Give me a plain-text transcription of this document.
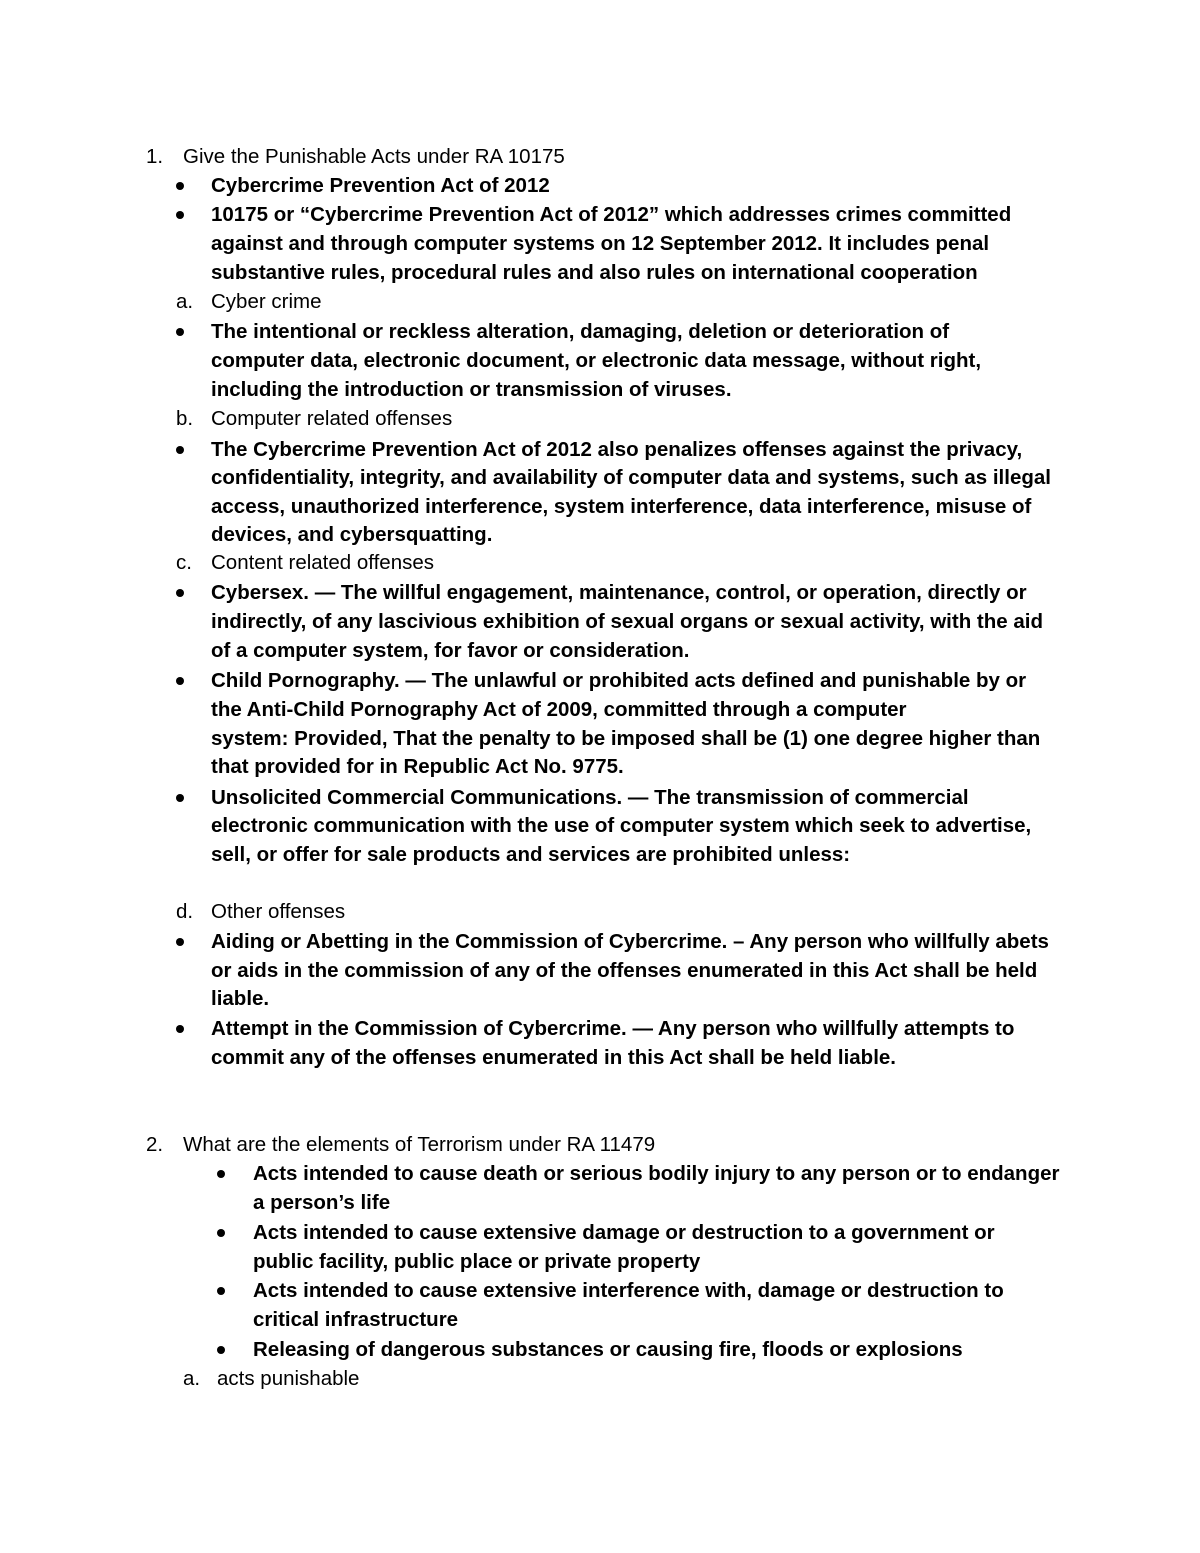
1. Give the Punishable Acts under RA 10175
Cybercrime Prevention Act of 2012
10175 or “Cybercrime Prevention Act of 2012” which addresses crimes committed
against and through computer systems on 12 September 2012. It includes penal
substantive rules, procedural rules and also rules on international cooperation
a. Cyber crime
The intentional or reckless alteration, damaging, deletion or deterioration of
computer data, electronic document, or electronic data message, without right,
including the introduction or transmission of viruses.
b. Computer related offenses
The Cybercrime Prevention Act of 2012 also penalizes offenses against the privacy,
confidentiality, integrity, and availability of computer data and systems, such as illegal
access, unauthorized interference, system interference, data interference, misuse of
devices, and cybersquatting.
c. Content related offenses
Cybersex. — The willful engagement, maintenance, control, or operation, directly or
indirectly, of any lascivious exhibition of sexual organs or sexual activity, with the aid
of a computer system, for favor or consideration.
Child Pornography. — The unlawful or prohibited acts defined and punishable by or
the Anti-Child Pornography Act of 2009, committed through a computer
system: Provided, That the penalty to be imposed shall be (1) one degree higher than
that provided for in Republic Act No. 9775.
Unsolicited Commercial Communications. — The transmission of commercial
electronic communication with the use of computer system which seek to advertise,
sell, or offer for sale products and services are prohibited unless:
d. Other offenses
Aiding or Abetting in the Commission of Cybercrime. – Any person who willfully abets
or aids in the commission of any of the offenses enumerated in this Act shall be held
liable.
Attempt in the Commission of Cybercrime. — Any person who willfully attempts to
commit any of the offenses enumerated in this Act shall be held liable.
2. What are the elements of Terrorism under RA 11479
Acts intended to cause death or serious bodily injury to any person or to endanger
a person’s life
Acts intended to cause extensive damage or destruction to a government or
public facility, public place or private property
Acts intended to cause extensive interference with, damage or destruction to
critical infrastructure
Releasing of dangerous substances or causing fire, floods or explosions
a. acts punishable
